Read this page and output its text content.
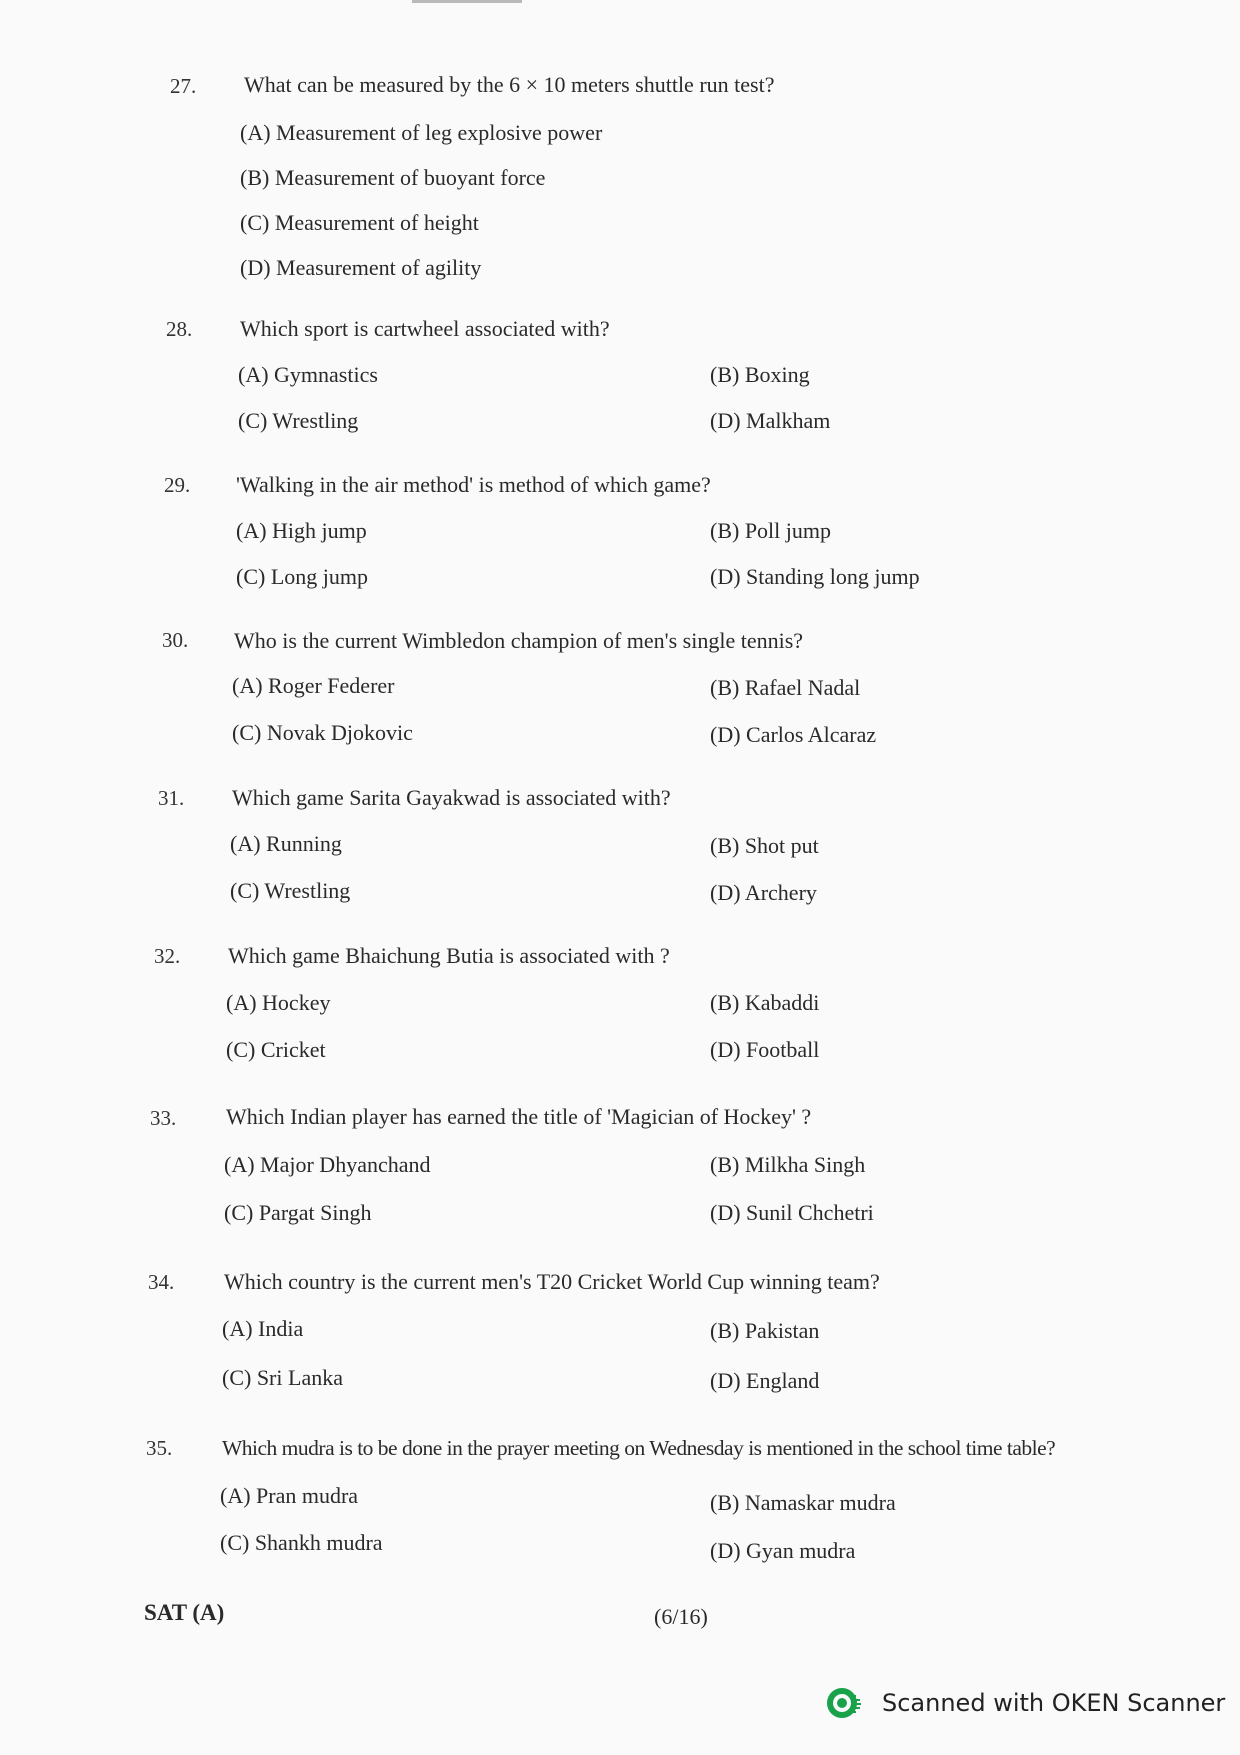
27. What can be measured by the 6 × 10 meters shuttle run test?
(A) Measurement of leg explosive power
(B) Measurement of buoyant force
(C) Measurement of height
(D) Measurement of agility
28. Which sport is cartwheel associated with?
(A) Gymnastics	(B) Boxing
(C) Wrestling	(D) Malkham
29. 'Walking in the air method' is method of which game?
(A) High jump	(B) Poll jump
(C) Long jump	(D) Standing long jump
30. Who is the current Wimbledon champion of men's single tennis?
(A) Roger Federer	(B) Rafael Nadal
(C) Novak Djokovic	(D) Carlos Alcaraz
31. Which game Sarita Gayakwad is associated with?
(A) Running	(B) Shot put
(C) Wrestling	(D) Archery
32. Which game Bhaichung Butia is associated with ?
(A) Hockey	(B) Kabaddi
(C) Cricket	(D) Football
33. Which Indian player has earned the title of 'Magician of Hockey' ?
(A) Major Dhyanchand	(B) Milkha Singh
(C) Pargat Singh	(D) Sunil Chchetri
34. Which country is the current men's T20 Cricket World Cup winning team?
(A) India	(B) Pakistan
(C) Sri Lanka	(D) England
35. Which mudra is to be done in the prayer meeting on Wednesday is mentioned in the school time table?
(A) Pran mudra	(B) Namaskar mudra
(C) Shankh mudra	(D) Gyan mudra
SAT (A)	(6/16)
Scanned with OKEN Scanner
